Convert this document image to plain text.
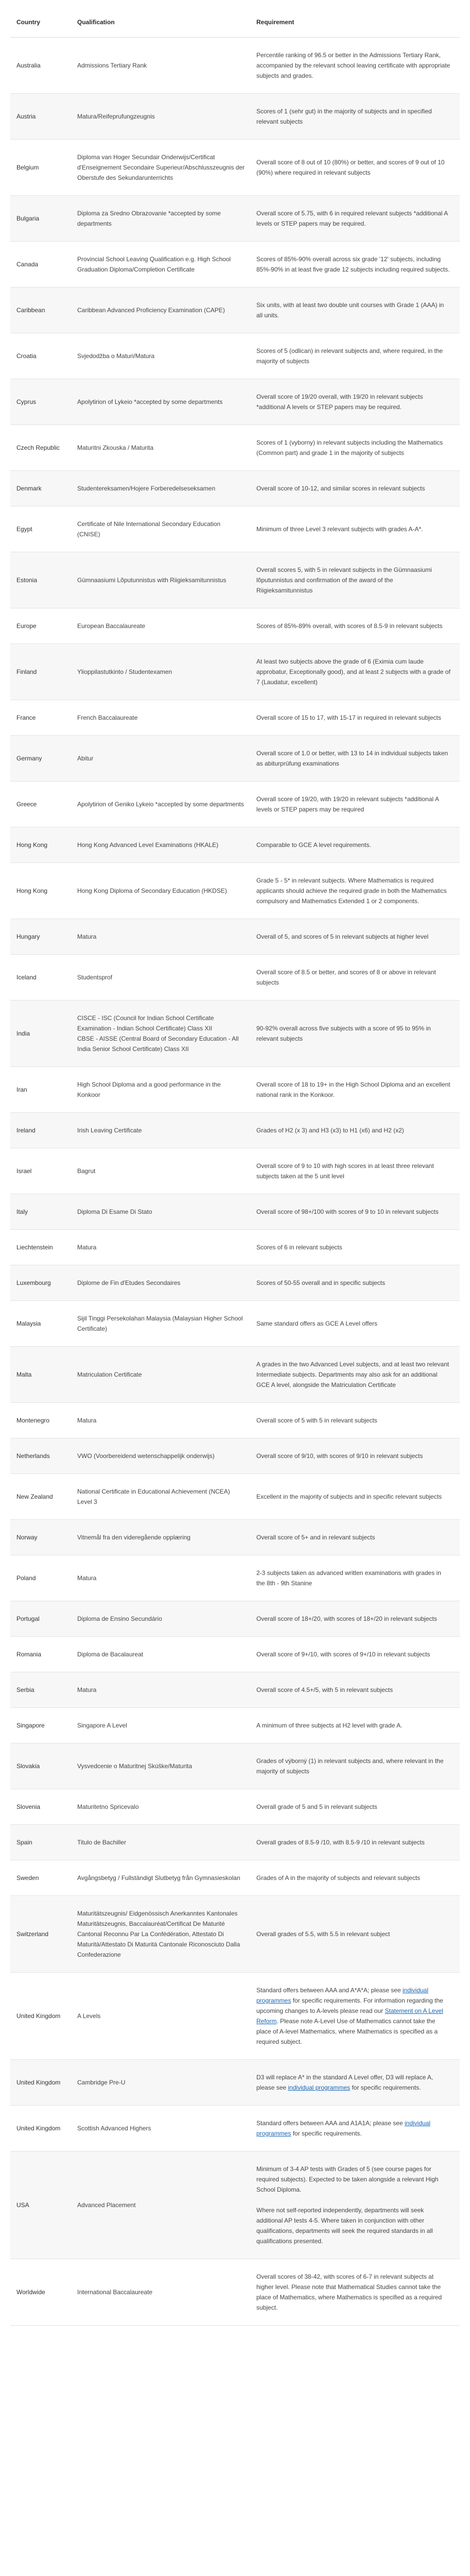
Country	Qualification	Requirement
Australia	Admissions Tertiary Rank	Percentile ranking of 96.5 or better in the Admissions Tertiary Rank, accompanied by the relevant school leaving certificate with appropriate subjects and grades.

Austria	Matura/Reifeprufungzeugnis	Scores of 1 (sehr gut) in the majority of subjects and in specified relevant subjects

Belgium	Diploma van Hoger Secundair Onderwijs/Certificat d'Enseignement Secondaire Superieur/Abschlusszeugnis der Oberstufe des Sekundarunterrichts	Overall score of 8 out of 10 (80%) or better, and scores of 9 out of 10 (90%) where required in relevant subjects

Bulgaria	Diploma za Sredno Obrazovanie *accepted by some departments	Overall score of 5.75, with 6 in required relevant subjects *additional A levels or STEP papers may be required.

Canada	Provincial School Leaving Qualification e.g. High School Graduation Diploma/Completion Certificate	Scores of 85%-90% overall across six grade '12' subjects, including 85%-90% in at least five grade 12 subjects including required subjects.

Caribbean	Caribbean Advanced Proficiency Examination (CAPE)	Six units, with at least two double unit courses with Grade 1 (AAA) in all units.

Croatia	Svjedodžba o Maturi/Matura	Scores of 5 (odlican) in relevant subjects and, where required, in the majority of subjects

Cyprus	Apolytirion of Lykeio *accepted by some departments	Overall score of 19/20 overall, with 19/20 in relevant subjects *additional A levels or STEP papers may be required.

Czech Republic	Maturitni Zkouska / Maturita	Scores of 1 (vyborny) in relevant subjects including the Mathematics (Common part) and grade 1 in the majority of subjects

Denmark	Studentereksamen/Hojere Forberedelseseksamen	Overall score of 10-12, and similar scores in relevant subjects

Egypt	Certificate of Nile International Secondary Education (CNISE)	Minimum of three Level 3 relevant subjects with grades A-A*.

Estonia	Gümnaasiumi Lõputunnistus with Riigieksamitunnistus	Overall scores 5, with 5 in relevant subjects in the Gümnaasiumi lõputunnistus and confirmation of the award of the Riigieksamitunnistus

Europe	European Baccalaureate	Scores of 85%-89% overall, with scores of 8.5-9 in relevant subjects

Finland	Ylioppilastutkinto / Studentexamen	At least two subjects above the grade of 6 (Eximia cum laude approbatur, Exceptionally good), and at least 2 subjects with a grade of 7 (Laudatur, excellent)

France	French Baccalaureate	Overall score of 15 to 17, with 15-17 in required in relevant subjects

Germany	Abitur	Overall score of 1.0 or better, with 13 to 14 in individual subjects taken as abiturprüfung examinations

Greece	Apolytirion of Geniko Lykeio *accepted by some departments	Overall score of 19/20, with 19/20 in relevant subjects *additional A levels or STEP papers may be required

Hong Kong	Hong Kong Advanced Level Examinations (HKALE)	Comparable to GCE A level requirements.

Hong Kong	Hong Kong Diploma of Secondary Education (HKDSE)	Grade 5 - 5* in relevant subjects. Where Mathematics is required applicants should achieve the required grade in both the Mathematics compulsory and Mathematics Extended 1 or 2 components.

Hungary	Matura	Overall of 5, and scores of 5 in relevant subjects at higher level

Iceland	Studentsprof	Overall score of 8.5 or better, and scores of 8 or above in relevant subjects

India	CISCE - ISC (Council for Indian School Certificate Examination - Indian School Certificate) Class XII
CBSE - AISSE (Central Board of Secondary Education - All India Senior School Certificate) Class XII	90-92% overall across five subjects with a score of 95 to 95% in relevant subjects

Iran	High School Diploma and a good performance in the Konkoor	Overall score of 18 to 19+ in the High School Diploma and an excellent national rank in the Konkoor.

Ireland	Irish Leaving Certificate	Grades of H2 (x 3) and H3 (x3) to H1 (x6) and H2 (x2)

Israel	Bagrut	Overall score of 9 to 10 with high scores in at least three relevant subjects taken at the 5 unit level

Italy	Diploma Di Esame Di Stato	Overall score of 98+/100 with scores of 9 to 10 in relevant subjects

Liechtenstein	Matura	Scores of 6 in relevant subjects

Luxembourg	Diplome de Fin d'Etudes Secondaires	Scores of 50-55 overall and in specific subjects

Malaysia	Sijil Tinggi Persekolahan Malaysia (Malaysian Higher School Certificate)	Same standard offers as GCE A Level offers

Malta	Matriculation Certificate	A grades in the two Advanced Level subjects, and at least two relevant Intermediate subjects. Departments may also ask for an additional GCE A level, alongside the Matriculation Certificate

Montenegro	Matura	Overall score of 5 with 5 in relevant subjects

Netherlands	VWO (Voorbereidend wetenschappelijk onderwijs)	Overall score of 9/10, with scores of 9/10 in relevant subjects

New Zealand	National Certificate in Educational Achievement (NCEA) Level 3	Excellent in the majority of subjects and in specific relevant subjects

Norway	Vitnemål fra den videregående opplæring	Overall score of 5+ and in relevant subjects

Poland	Matura	2-3 subjects taken as advanced written examinations with grades in the 8th - 9th Stanine

Portugal	Diploma de Ensino Secundário	Overall score of 18+/20, with scores of 18+/20 in relevant subjects

Romania	Diploma de Bacalaureat	Overall score of 9+/10, with scores of 9+/10 in relevant subjects

Serbia	Matura	Overall score of 4.5+/5, with 5 in relevant subjects

Singapore	Singapore A Level	A minimum of three subjects at H2 level with grade A.

Slovakia	Vysvedcenie o Maturitnej Skúške/Maturita	Grades of výborný (1) in relevant subjects and, where relevant in the majority of subjects

Slovenia	Maturitetno Spricevalo	Overall grade of 5 and 5 in relevant subjects

Spain	Titulo de Bachiller	Overall grades of 8.5-9 /10, with 8.5-9 /10 in relevant subjects

Sweden	Avgångsbetyg / Fullständigt Slutbetyg från Gymnasieskolan	Grades of A in the majority of subjects and relevant subjects

Switzerland	Maturitätszeugnis/ Eidgenössisch Anerkanntes Kantonales Maturitätszeugnis, Baccalauréat/Certificat De Maturité Cantonal Reconnu Par La Confédération, Attestato Di Maturità/Attestato Di Maturità Cantonale Riconosciuto Dalla Confederazione	Overall grades of 5.5, with 5.5 in relevant subject

United Kingdom	A Levels	Standard offers between AAA and A*A*A; please see individual programmes for specific requirements. For information regarding the upcoming changes to A-levels please read our Statement on A Level Reform. Please note A-Level Use of Mathematics cannot take the place of A-level Mathematics, where Mathematics is specified as a required subject.

United Kingdom	Cambridge Pre-U	D3 will replace A* in the standard A Level offer, D3 will replace A, please see individual programmes for specific requirements.

United Kingdom	Scottish Advanced Highers	Standard offers between AAA and A1A1A; please see individual programmes for specific requirements.

USA	Advanced Placement	Minimum of 3-4 AP tests with Grades of 5 (see course pages for required subjects). Expected to be taken alongside a relevant High School Diploma.
Where not self-reported independently, departments will seek additional AP tests 4-5. Where taken in conjunction with other qualifications, departments will seek the required standards in all qualifications presented.

Worldwide	International Baccalaureate	Overall scores of 38-42, with scores of 6-7 in relevant subjects at higher level. Please note that Mathematical Studies cannot take the place of Mathematics, where Mathematics is specified as a required subject.
